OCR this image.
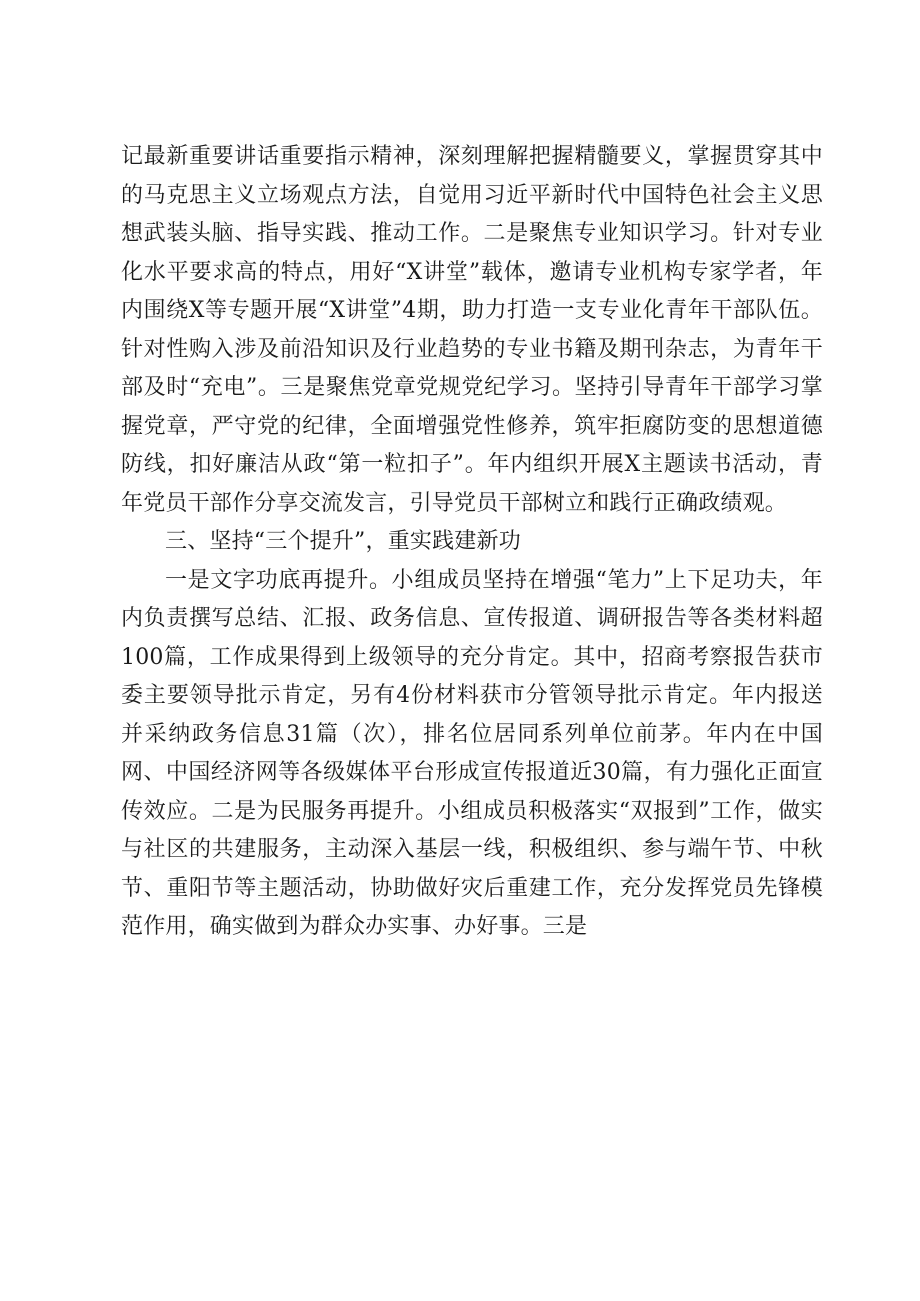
记最新重要讲话重要指示精神，深刻理解把握精髓要义，掌握贯穿其中的马克思主义立场观点方法，自觉用习近平新时代中国特色社会主义思想武装头脑、指导实践、推动工作。二是聚焦专业知识学习。针对专业化水平要求高的特点，用好“X讲堂”载体，邀请专业机构专家学者，年内围绕X等专题开展“X讲堂”4期，助力打造一支专业化青年干部队伍。针对性购入涉及前沿知识及行业趋势的专业书籍及期刊杂志，为青年干部及时“充电”。三是聚焦党章党规党纪学习。坚持引导青年干部学习掌握党章，严守党的纪律，全面增强党性修养，筑牢拒腐防变的思想道德防线，扣好廉洁从政“第一粒扣子”。年内组织开展X主题读书活动，青年党员干部作分享交流发言，引导党员干部树立和践行正确政绩观。

三、坚持“三个提升”，重实践建新功

一是文字功底再提升。小组成员坚持在增强“笔力”上下足功夫，年内负责撰写总结、汇报、政务信息、宣传报道、调研报告等各类材料超100篇，工作成果得到上级领导的充分肯定。其中，招商考察报告获市委主要领导批示肯定，另有4份材料获市分管领导批示肯定。年内报送并采纳政务信息31篇（次），排名位居同系列单位前茅。年内在中国网、中国经济网等各级媒体平台形成宣传报道近30篇，有力强化正面宣传效应。二是为民服务再提升。小组成员积极落实“双报到”工作，做实与社区的共建服务，主动深入基层一线，积极组织、参与端午节、中秋节、重阳节等主题活动，协助做好灾后重建工作，充分发挥党员先锋模范作用，确实做到为群众办实事、办好事。三是
